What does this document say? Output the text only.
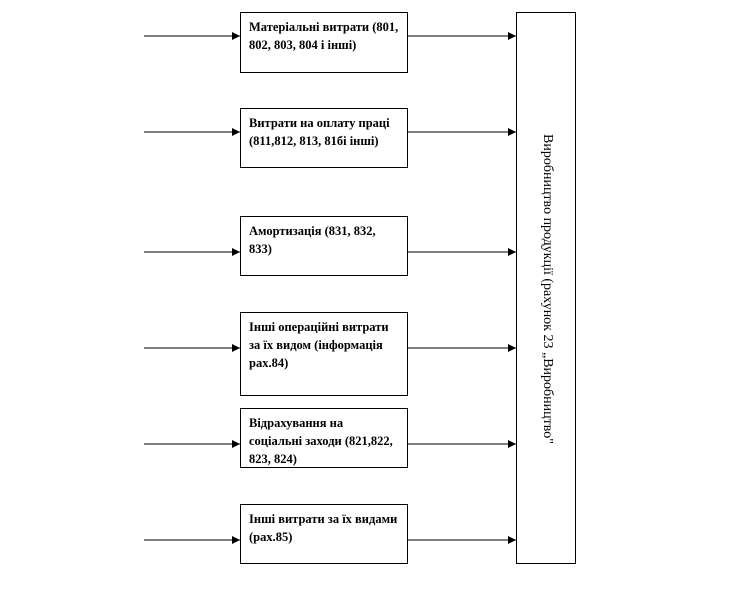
Матеріальні витрати (801, 802, 803, 804 і інші)
Витрати на оплату праці (811,812, 813, 81бі інші)
Амортизація (831, 832, 833)
Інші операційні витрати за їх видом (інформація рах.84)
Відрахування на соціальні заходи (821,822, 823, 824)
Інші витрати за їх видами (рах.85)
Виробництво продукції (рахунок 23 „Виробництво"
